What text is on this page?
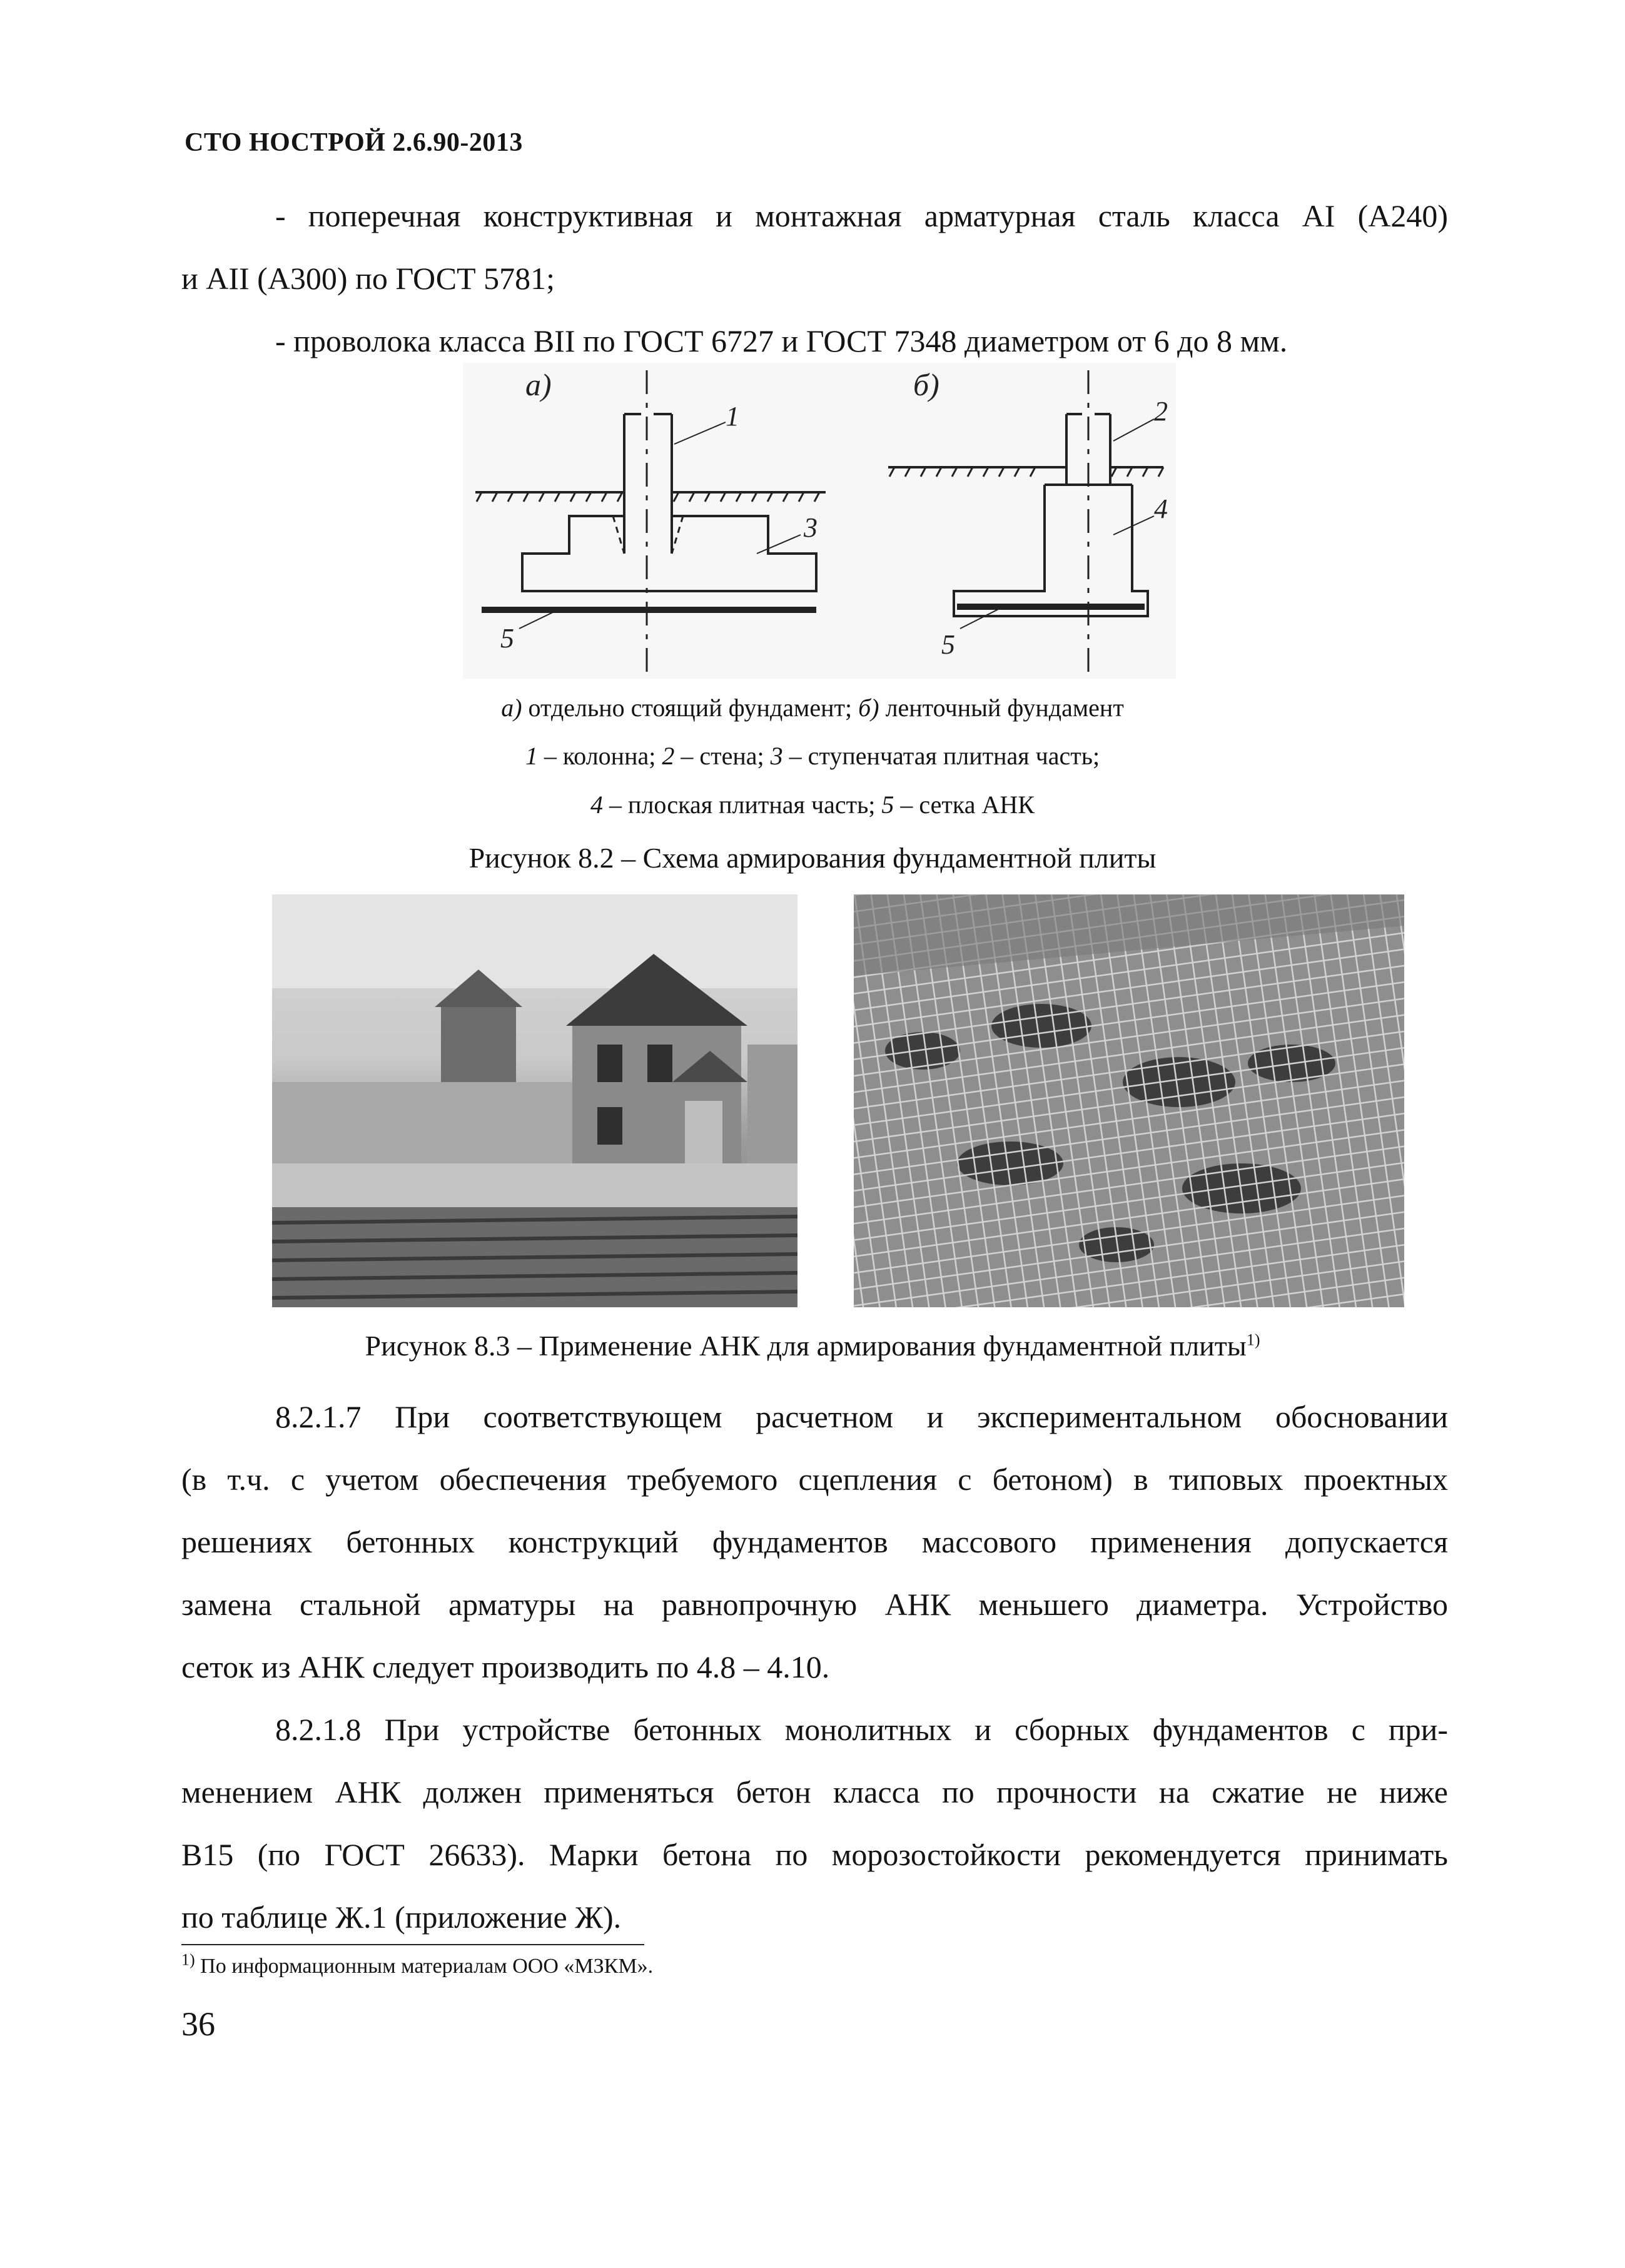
СТО НОСТРОЙ 2.6.90-2013
- поперечная конструктивная и монтажная арматурная сталь класса AI (A240)
и AII (A300) по ГОСТ 5781;
- проволока класса BII по ГОСТ 6727 и ГОСТ 7348 диаметром от 6 до 8 мм.
а)	б)
1
3
5
2
4
5
а) отдельно стоящий фундамент; б) ленточный фундамент
1 – колонна; 2 – стена; 3 – ступенчатая плитная часть;
4 – плоская плитная часть; 5 – сетка АНК
Рисунок 8.2 – Схема армирования фундаментной плиты
Рисунок 8.3 – Применение АНК для армирования фундаментной плиты$^{1)}$
8.2.1.7 При соответствующем расчетном и экспериментальном обосновании
(в т.ч. с учетом обеспечения требуемого сцепления с бетоном) в типовых проектных
решениях бетонных конструкций фундаментов массового применения допускается
замена стальной арматуры на равнопрочную АНК меньшего диаметра. Устройство
сеток из АНК следует производить по 4.8 – 4.10.
8.2.1.8 При устройстве бетонных монолитных и сборных фундаментов с при-
менением АНК должен применяться бетон класса по прочности на сжатие не ниже
B15 (по ГОСТ 26633). Марки бетона по морозостойкости рекомендуется принимать
по таблице Ж.1 (приложение Ж).
$^{1)}$ По информационным материалам ООО «МЗКМ».
36
